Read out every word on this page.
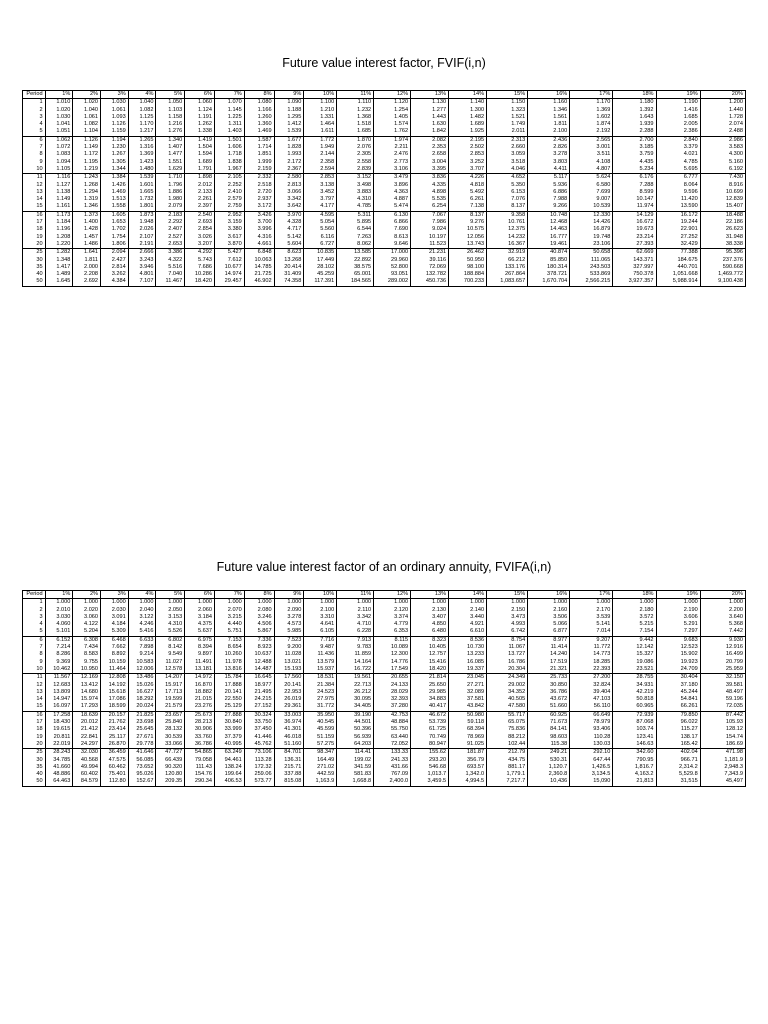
Future value interest factor, FVIF(i,n)
Period	1%	2%	3%	4%	5%	6%	7%	8%	9%	10%	11%	12%	13%	14%	15%	16%	17%	18%	19%	20%
1	1.010	1.020	1.030	1.040	1.050	1.060	1.070	1.080	1.090	1.100	1.110	1.120	1.130	1.140	1.150	1.160	1.170	1.180	1.190	1.200
2	1.020	1.040	1.061	1.082	1.103	1.124	1.145	1.166	1.188	1.210	1.232	1.254	1.277	1.300	1.323	1.346	1.369	1.392	1.416	1.440
3	1.030	1.061	1.093	1.125	1.158	1.191	1.225	1.260	1.295	1.331	1.368	1.405	1.443	1.482	1.521	1.561	1.602	1.643	1.685	1.728
4	1.041	1.082	1.126	1.170	1.216	1.262	1.311	1.360	1.412	1.464	1.518	1.574	1.630	1.689	1.749	1.811	1.874	1.939	2.005	2.074
5	1.051	1.104	1.159	1.217	1.276	1.338	1.403	1.469	1.539	1.611	1.685	1.762	1.842	1.925	2.011	2.100	2.192	2.288	2.386	2.488
6	1.062	1.126	1.194	1.265	1.340	1.419	1.501	1.587	1.677	1.772	1.870	1.974	2.082	2.195	2.313	2.436	2.565	2.700	2.840	2.986
7	1.072	1.149	1.230	1.316	1.407	1.504	1.606	1.714	1.828	1.949	2.076	2.211	2.353	2.502	2.660	2.826	3.001	3.185	3.379	3.583
8	1.083	1.172	1.267	1.369	1.477	1.594	1.718	1.851	1.993	2.144	2.305	2.476	2.658	2.853	3.059	3.278	3.511	3.759	4.021	4.300
9	1.094	1.195	1.305	1.423	1.551	1.689	1.838	1.999	2.172	2.358	2.558	2.773	3.004	3.252	3.518	3.803	4.108	4.435	4.785	5.160
10	1.105	1.219	1.344	1.480	1.629	1.791	1.967	2.159	2.367	2.594	2.839	3.106	3.395	3.707	4.046	4.411	4.807	5.234	5.695	6.192
11	1.116	1.243	1.384	1.539	1.710	1.898	2.105	2.332	2.580	2.853	3.152	3.479	3.836	4.226	4.652	5.117	5.624	6.176	6.777	7.430
12	1.127	1.268	1.426	1.601	1.796	2.012	2.252	2.518	2.813	3.138	3.498	3.896	4.335	4.818	5.350	5.936	6.580	7.288	8.064	8.916
13	1.138	1.294	1.469	1.665	1.886	2.133	2.410	2.720	3.066	3.452	3.883	4.363	4.898	5.492	6.153	6.886	7.699	8.599	9.596	10.699
14	1.149	1.319	1.513	1.732	1.980	2.261	2.579	2.937	3.342	3.797	4.310	4.887	5.535	6.261	7.076	7.988	9.007	10.147	11.420	12.839
15	1.161	1.346	1.558	1.801	2.079	2.397	2.759	3.172	3.642	4.177	4.785	5.474	6.254	7.138	8.137	9.266	10.539	11.974	13.590	15.407
16	1.173	1.373	1.605	1.873	2.183	2.540	2.952	3.426	3.970	4.595	5.311	6.130	7.067	8.137	9.358	10.748	12.330	14.129	16.172	18.488
17	1.184	1.400	1.653	1.948	2.292	2.693	3.159	3.700	4.328	5.054	5.895	6.866	7.986	9.276	10.761	12.468	14.426	16.672	19.244	22.186
18	1.196	1.428	1.702	2.026	2.407	2.854	3.380	3.996	4.717	5.560	6.544	7.690	9.024	10.575	12.375	14.463	16.879	19.673	22.901	26.623
19	1.208	1.457	1.754	2.107	2.527	3.026	3.617	4.316	5.142	6.116	7.263	8.613	10.197	12.056	14.232	16.777	19.748	23.214	27.252	31.948
20	1.220	1.486	1.806	2.191	2.653	3.207	3.870	4.661	5.604	6.727	8.062	9.646	11.523	13.743	16.367	19.461	23.106	27.393	32.429	38.338
25	1.282	1.641	2.094	2.666	3.386	4.292	5.427	6.848	8.623	10.835	13.585	17.000	21.231	26.462	32.919	40.874	50.658	62.669	77.388	95.396
30	1.348	1.811	2.427	3.243	4.322	5.743	7.612	10.063	13.268	17.449	22.892	29.960	39.116	50.950	66.212	85.850	111.065	143.371	184.675	237.376
35	1.417	2.000	2.814	3.946	5.516	7.686	10.677	14.785	20.414	28.102	38.575	52.800	72.069	98.100	133.176	180.314	243.503	327.997	440.701	590.668
40	1.489	2.208	3.262	4.801	7.040	10.286	14.974	21.725	31.409	45.259	65.001	93.051	132.782	188.884	267.864	378.721	533.869	750.378	1,051.668	1,469.772
50	1.645	2.692	4.384	7.107	11.467	18.420	29.457	46.902	74.358	117.391	184.565	289.002	450.736	700.233	1,083.657	1,670.704	2,566.215	3,927.357	5,988.914	9,100.438
Future value interest factor of an ordinary annuity, FVIFA(i,n)
Period	1%	2%	3%	4%	5%	6%	7%	8%	9%	10%	11%	12%	13%	14%	15%	16%	17%	18%	19%	20%
1	1.000	1.000	1.000	1.000	1.000	1.000	1.000	1.000	1.000	1.000	1.000	1.000	1.000	1.000	1.000	1.000	1.000	1.000	1.000	1.000
2	2.010	2.020	2.030	2.040	2.050	2.060	2.070	2.080	2.090	2.100	2.110	2.120	2.130	2.140	2.150	2.160	2.170	2.180	2.190	2.200
3	3.030	3.060	3.091	3.122	3.153	3.184	3.215	3.246	3.278	3.310	3.342	3.374	3.407	3.440	3.473	3.506	3.539	3.572	3.606	3.640
4	4.060	4.122	4.184	4.246	4.310	4.375	4.440	4.506	4.573	4.641	4.710	4.779	4.850	4.921	4.993	5.066	5.141	5.215	5.291	5.368
5	5.101	5.204	5.309	5.416	5.526	5.637	5.751	5.867	5.985	6.105	6.228	6.353	6.480	6.610	6.742	6.877	7.014	7.154	7.297	7.442
6	6.152	6.308	6.468	6.633	6.802	6.975	7.153	7.336	7.523	7.716	7.913	8.115	8.323	8.536	8.754	8.977	9.207	9.442	9.683	9.930
7	7.214	7.434	7.662	7.898	8.142	8.394	8.654	8.923	9.200	9.487	9.783	10.089	10.405	10.730	11.067	11.414	11.772	12.142	12.523	12.916
8	8.286	8.583	8.892	9.214	9.549	9.897	10.260	10.637	11.028	11.436	11.859	12.300	12.757	13.233	13.727	14.240	14.773	15.327	15.902	16.499
9	9.369	9.755	10.159	10.583	11.027	11.491	11.978	12.488	13.021	13.579	14.164	14.776	15.416	16.085	16.786	17.519	18.285	19.086	19.923	20.799
10	10.462	10.950	11.464	12.006	12.578	13.181	13.816	14.487	15.193	15.937	16.722	17.549	18.420	19.337	20.304	21.321	22.393	23.521	24.709	25.959
11	11.567	12.169	12.808	13.486	14.207	14.972	15.784	16.645	17.560	18.531	19.561	20.655	21.814	23.045	24.349	25.733	27.200	28.755	30.404	32.150
12	12.683	13.412	14.192	15.026	15.917	16.870	17.888	18.977	20.141	21.384	22.713	24.133	25.650	27.271	29.002	30.850	32.824	34.931	37.180	39.581
13	13.809	14.680	15.618	16.627	17.713	18.882	20.141	21.495	22.953	24.523	26.212	28.029	29.985	32.089	34.352	36.786	39.404	42.219	45.244	48.497
14	14.947	15.974	17.086	18.292	19.599	21.015	22.550	24.215	26.019	27.975	30.095	32.393	34.883	37.581	40.505	43.672	47.103	50.818	54.841	59.196
15	16.097	17.293	18.599	20.024	21.579	23.276	25.129	27.152	29.361	31.772	34.405	37.280	40.417	43.842	47.580	51.660	56.110	60.965	66.261	72.035
16	17.258	18.639	20.157	21.825	23.657	25.673	27.888	30.324	33.003	35.950	39.190	42.753	46.672	50.980	55.717	60.925	66.649	72.939	79.850	87.442
17	18.430	20.012	21.762	23.698	25.840	28.213	30.840	33.750	36.974	40.545	44.501	48.884	53.739	59.118	65.075	71.673	78.979	87.068	96.022	105.93
18	19.615	21.412	23.414	25.645	28.132	30.906	33.999	37.450	41.301	45.599	50.396	55.750	61.725	68.394	75.836	84.141	93.406	103.74	115.27	128.12
19	20.811	22.841	25.117	27.671	30.539	33.760	37.379	41.446	46.018	51.159	56.939	63.440	70.749	78.969	88.212	98.603	110.28	123.41	138.17	154.74
20	22.019	24.297	26.870	29.778	33.066	36.786	40.995	45.762	51.160	57.275	64.203	72.052	80.947	91.025	102.44	115.38	130.03	146.63	165.42	186.69
25	28.243	32.030	36.459	41.646	47.727	54.865	63.249	73.106	84.701	98.347	114.41	133.33	155.62	181.87	212.79	249.21	292.10	342.60	402.04	471.98
30	34.785	40.568	47.575	56.085	66.439	79.058	94.461	113.28	136.31	164.49	199.02	241.33	293.20	356.79	434.75	530.31	647.44	790.95	966.71	1,181.9
35	41.660	49.994	60.462	73.652	90.320	111.43	138.24	172.32	215.71	271.02	341.59	431.66	546.68	693.57	881.17	1,120.7	1,426.5	1,816.7	2,314.2	2,948.3
40	48.886	60.402	75.401	95.026	120.80	154.76	199.64	259.06	337.88	442.59	581.83	767.09	1,013.7	1,342.0	1,779.1	2,360.8	3,134.5	4,163.2	5,529.8	7,343.9
50	64.463	84.579	112.80	152.67	209.35	290.34	406.53	573.77	815.08	1,163.9	1,668.8	2,400.0	3,459.5	4,994.5	7,217.7	10,436	15,090	21,813	31,515	45,497
